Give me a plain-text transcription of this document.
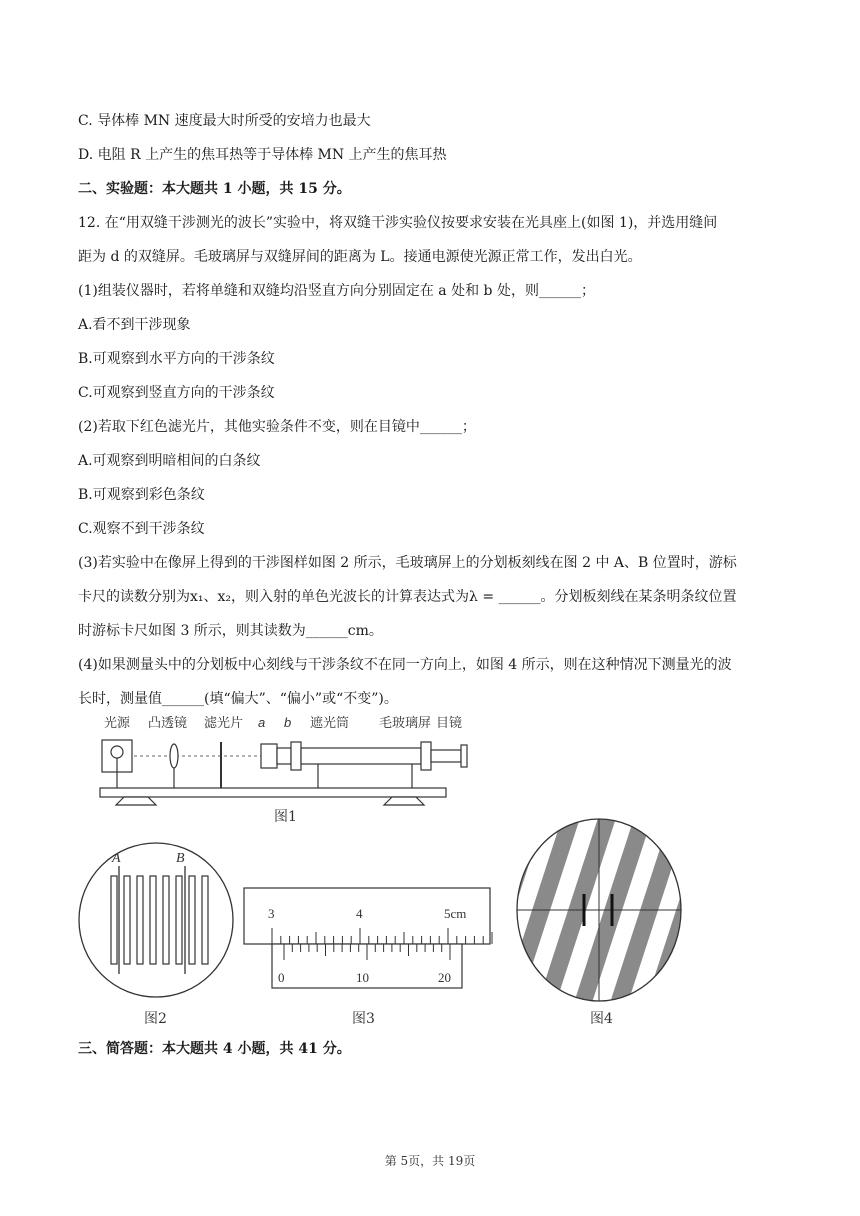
C. 导体棒 MN 速度最大时所受的安培力也最大
D. 电阻 R 上产生的焦耳热等于导体棒 MN 上产生的焦耳热
二、实验题：本大题共 1 小题，共 15 分。
12. 在“用双缝干涉测光的波长”实验中，将双缝干涉实验仪按要求安装在光具座上(如图 1)，并选用缝间
距为 d 的双缝屏。毛玻璃屏与双缝屏间的距离为 L。接通电源使光源正常工作，发出白光。
(1)组装仪器时，若将单缝和双缝均沿竖直方向分别固定在 a 处和 b 处，则______；
A.看不到干涉现象
B.可观察到水平方向的干涉条纹
C.可观察到竖直方向的干涉条纹
(2)若取下红色滤光片，其他实验条件不变，则在目镜中______；
A.可观察到明暗相间的白条纹
B.可观察到彩色条纹
C.观察不到干涉条纹
(3)若实验中在像屏上得到的干涉图样如图 2 所示，毛玻璃屏上的分划板刻线在图 2 中 A、B 位置时，游标
卡尺的读数分别为x₁、x₂，则入射的单色光波长的计算表达式为λ = ______。分划板刻线在某条明条纹位置
时游标卡尺如图 3 所示，则其读数为______cm。
(4)如果测量头中的分划板中心刻线与干涉条纹不在同一方向上，如图 4 所示，则在这种情况下测量光的波
长时，测量值______(填“偏大”、“偏小”或“不变”)。
光源 凸透镜 滤光片 a b 遮光筒 毛玻璃屏 目镜
图1
A	B
图2
3	4	5cm
0	10	20
图3	图4
三、简答题：本大题共 4 小题，共 41 分。
第 5页，共 19页
